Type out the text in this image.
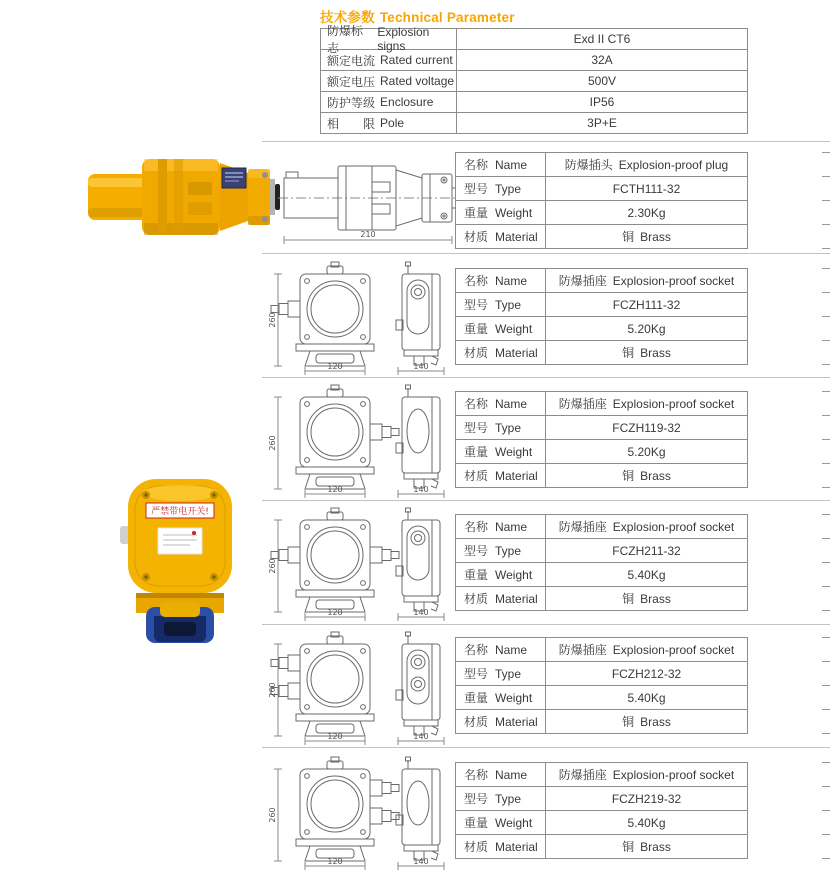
技术参数 Technical Parameter
防爆标志
Explosion signs	Exd II CT6
额定电流 Rated current	32A
额定电压 Rated voltage	500V
防护等级 Enclosure	IP56
相　　限 Pole	3P+E
严禁带电开关!
210
260
120	140
260
120	140
260
120	140
260
120	140
260
120	140
名称 Name	防爆插头 Explosion-proof plug
型号 Type	FCTH111-32
重量 Weight	2.30Kg
材质 Material	铜 Brass
名称 Name	防爆插座 Explosion-proof socket
型号 Type	FCZH111-32
重量 Weight	5.20Kg
材质 Material	铜 Brass
名称 Name	防爆插座 Explosion-proof socket
型号 Type	FCZH119-32
重量 Weight	5.20Kg
材质 Material	铜 Brass
名称 Name	防爆插座 Explosion-proof socket
型号 Type	FCZH211-32
重量 Weight	5.40Kg
材质 Material	铜 Brass
名称 Name	防爆插座 Explosion-proof socket
型号 Type	FCZH212-32
重量 Weight	5.40Kg
材质 Material	铜 Brass
名称 Name	防爆插座 Explosion-proof socket
型号 Type	FCZH219-32
重量 Weight	5.40Kg
材质 Material	铜 Brass
